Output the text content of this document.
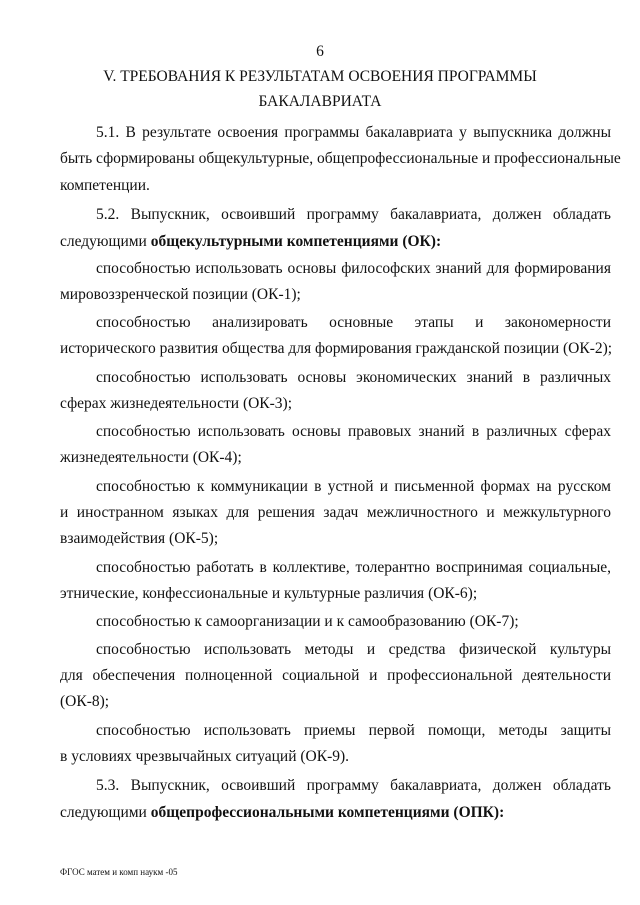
6
V. ТРЕБОВАНИЯ К РЕЗУЛЬТАТАМ ОСВОЕНИЯ ПРОГРАММЫ
БАКАЛАВРИАТА
5.1. В результате освоения программы бакалавриата у выпускника должны
быть сформированы общекультурные, общепрофессиональные и профессиональные
компетенции.
5.2. Выпускник, освоивший программу бакалавриата, должен обладать
следующими общекультурными компетенциями (ОК):
способностью использовать основы философских знаний для формирования
мировоззренческой позиции (ОК-1);
способностью анализировать основные этапы и закономерности
исторического развития общества для формирования гражданской позиции (ОК-2);
способностью использовать основы экономических знаний в различных
сферах жизнедеятельности (ОК-3);
способностью использовать основы правовых знаний в различных сферах
жизнедеятельности (ОК-4);
способностью к коммуникации в устной и письменной формах на русском
и иностранном языках для решения задач межличностного и межкультурного
взаимодействия (ОК-5);
способностью работать в коллективе, толерантно воспринимая социальные,
этнические, конфессиональные и культурные различия (ОК-6);
способностью к самоорганизации и к самообразованию (ОК-7);
способностью использовать методы и средства физической культуры
для обеспечения полноценной социальной и профессиональной деятельности
(ОК-8);
способностью использовать приемы первой помощи, методы защиты
в условиях чрезвычайных ситуаций (ОК-9).
5.3. Выпускник, освоивший программу бакалавриата, должен обладать
следующими общепрофессиональными компетенциями (ОПК):
ФГОС матем и комп наукм -05
